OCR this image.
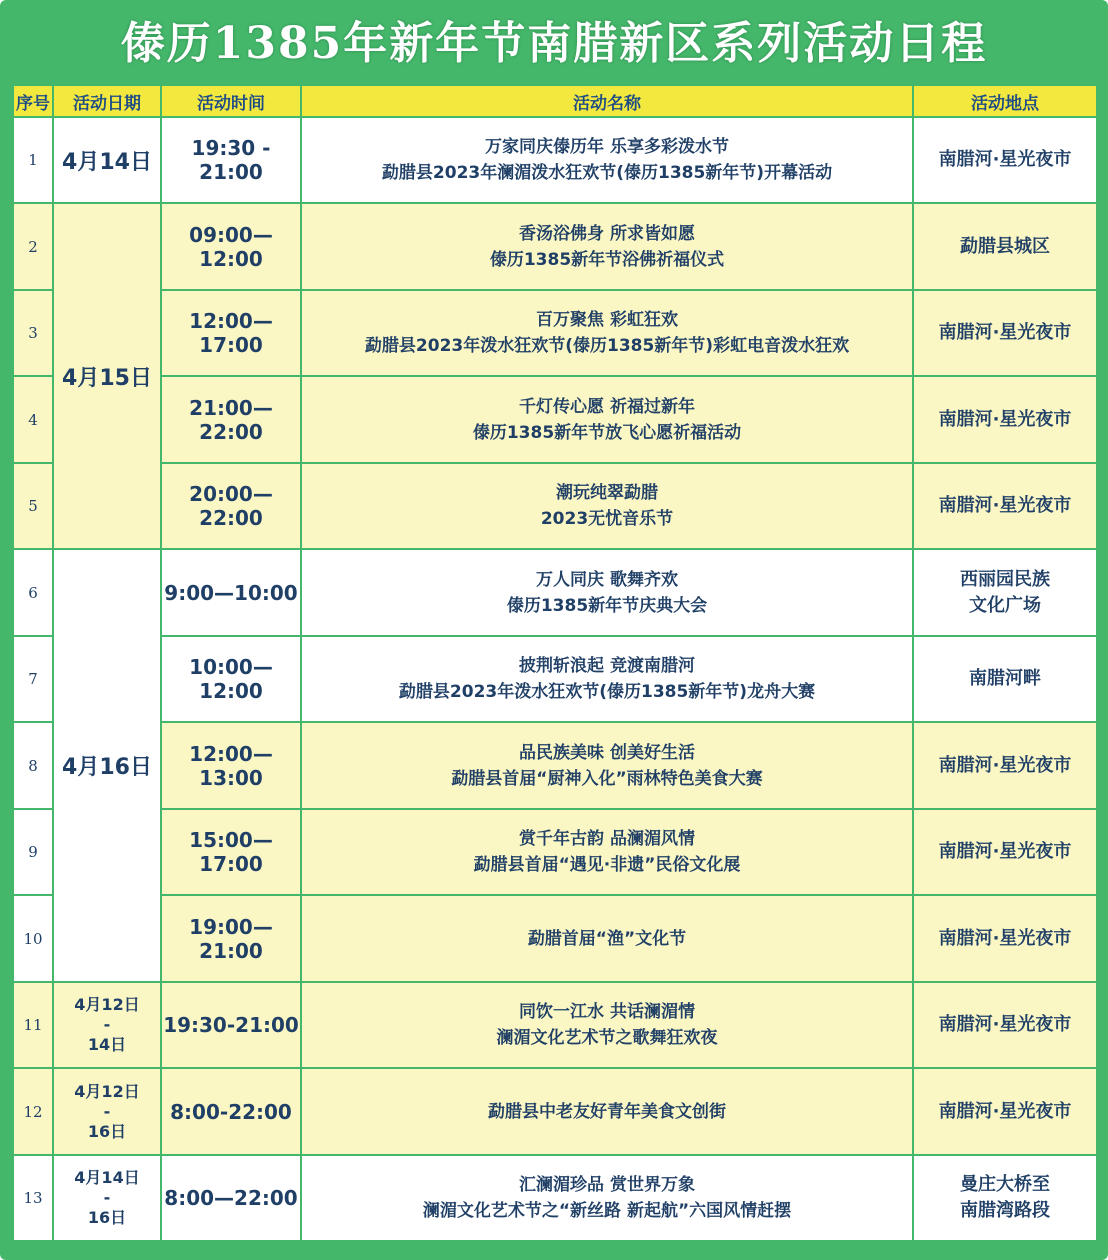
傣历1385年新年节南腊新区系列活动日程
序号	活动日期	活动时间	活动名称	活动地点
1	4月14日	19:30 - 21:00	万家同庆傣历年 乐享多彩泼水节
勐腊县2023年澜湄泼水狂欢节(傣历1385新年节)开幕活动	南腊河·星光夜市
2	4月15日	09:00—12:00	香汤浴佛身 所求皆如愿
傣历1385新年节浴佛祈福仪式	勐腊县城区
3		12:00—17:00	百万聚焦 彩虹狂欢
勐腊县2023年泼水狂欢节(傣历1385新年节)彩虹电音泼水狂欢	南腊河·星光夜市
4		21:00—22:00	千灯传心愿 祈福过新年
傣历1385新年节放飞心愿祈福活动	南腊河·星光夜市
5		20:00—22:00	潮玩纯翠勐腊
2023无忧音乐节	南腊河·星光夜市
6	4月16日	9:00—10:00	万人同庆 歌舞齐欢
傣历1385新年节庆典大会	西丽园民族
文化广场

7		10:00—12:00	披荆斩浪起 竞渡南腊河
勐腊县2023年泼水狂欢节(傣历1385新年节)龙舟大赛	南腊河畔
8		12:00—13:00	品民族美味 创美好生活
勐腊县首届“厨神入化”雨林特色美食大赛	南腊河·星光夜市
9		15:00—17:00	赏千年古韵 品澜湄风情
勐腊县首届“遇见·非遗”民俗文化展	南腊河·星光夜市
10		19:00—21:00	勐腊首届“渔”文化节	南腊河·星光夜市
11	4月12日
-
14日	19:30-21:00	同饮一江水 共话澜湄情
澜湄文化艺术节之歌舞狂欢夜	南腊河·星光夜市
12	4月12日
-
16日	8:00-22:00	勐腊县中老友好青年美食文创街	南腊河·星光夜市
13	4月14日
-
16日	8:00—22:00	汇澜湄珍品 赏世界万象
澜湄文化艺术节之“新丝路 新起航”六国风情赶摆	曼庄大桥至
南腊湾路段
